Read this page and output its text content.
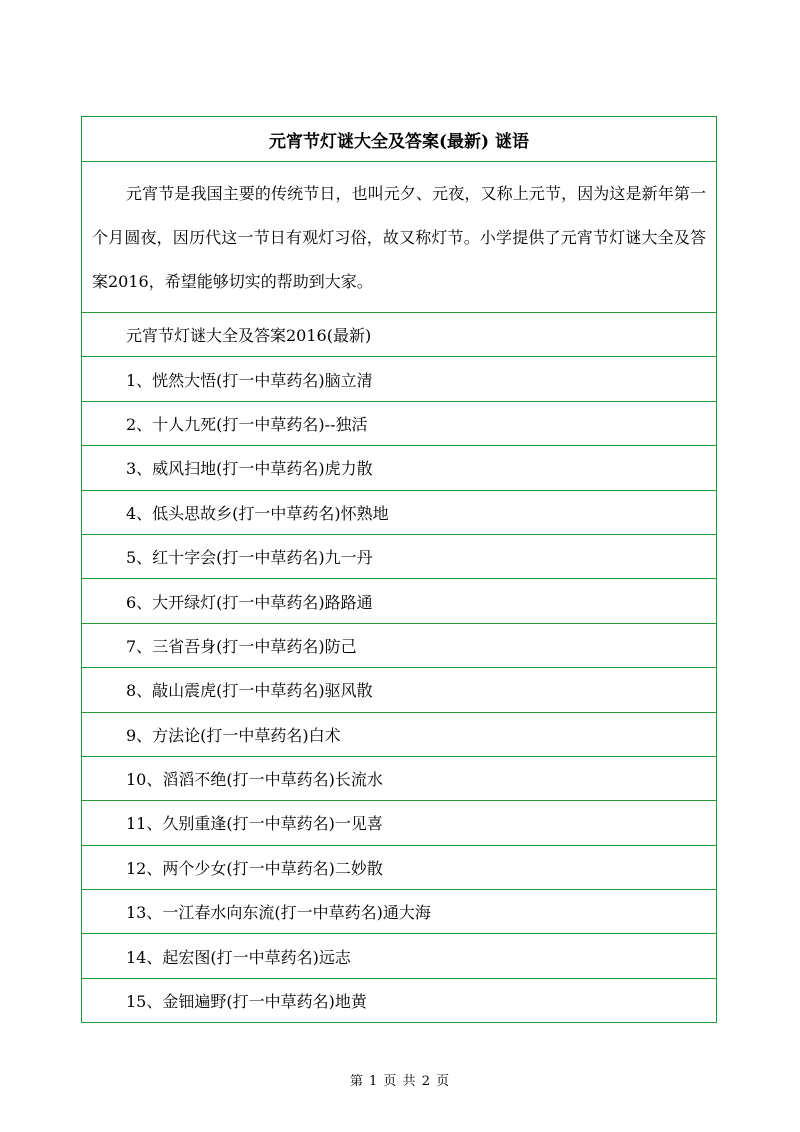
元宵节灯谜大全及答案(最新) 谜语
元宵节是我国主要的传统节日，也叫元夕、元夜，又称上元节，因为这是新年第一个月圆夜，因历代这一节日有观灯习俗，故又称灯节。小学提供了元宵节灯谜大全及答案2016，希望能够切实的帮助到大家。
元宵节灯谜大全及答案2016(最新)
1、恍然大悟(打一中草药名)脑立清
2、十人九死(打一中草药名)--独活
3、威风扫地(打一中草药名)虎力散
4、低头思故乡(打一中草药名)怀熟地
5、红十字会(打一中草药名)九一丹
6、大开绿灯(打一中草药名)路路通
7、三省吾身(打一中草药名)防己
8、敲山震虎(打一中草药名)驱风散
9、方法论(打一中草药名)白术
10、滔滔不绝(打一中草药名)长流水
11、久别重逢(打一中草药名)一见喜
12、两个少女(打一中草药名)二妙散
13、一江春水向东流(打一中草药名)通大海
14、起宏图(打一中草药名)远志
15、金钿遍野(打一中草药名)地黄
第 1 页 共 2 页
